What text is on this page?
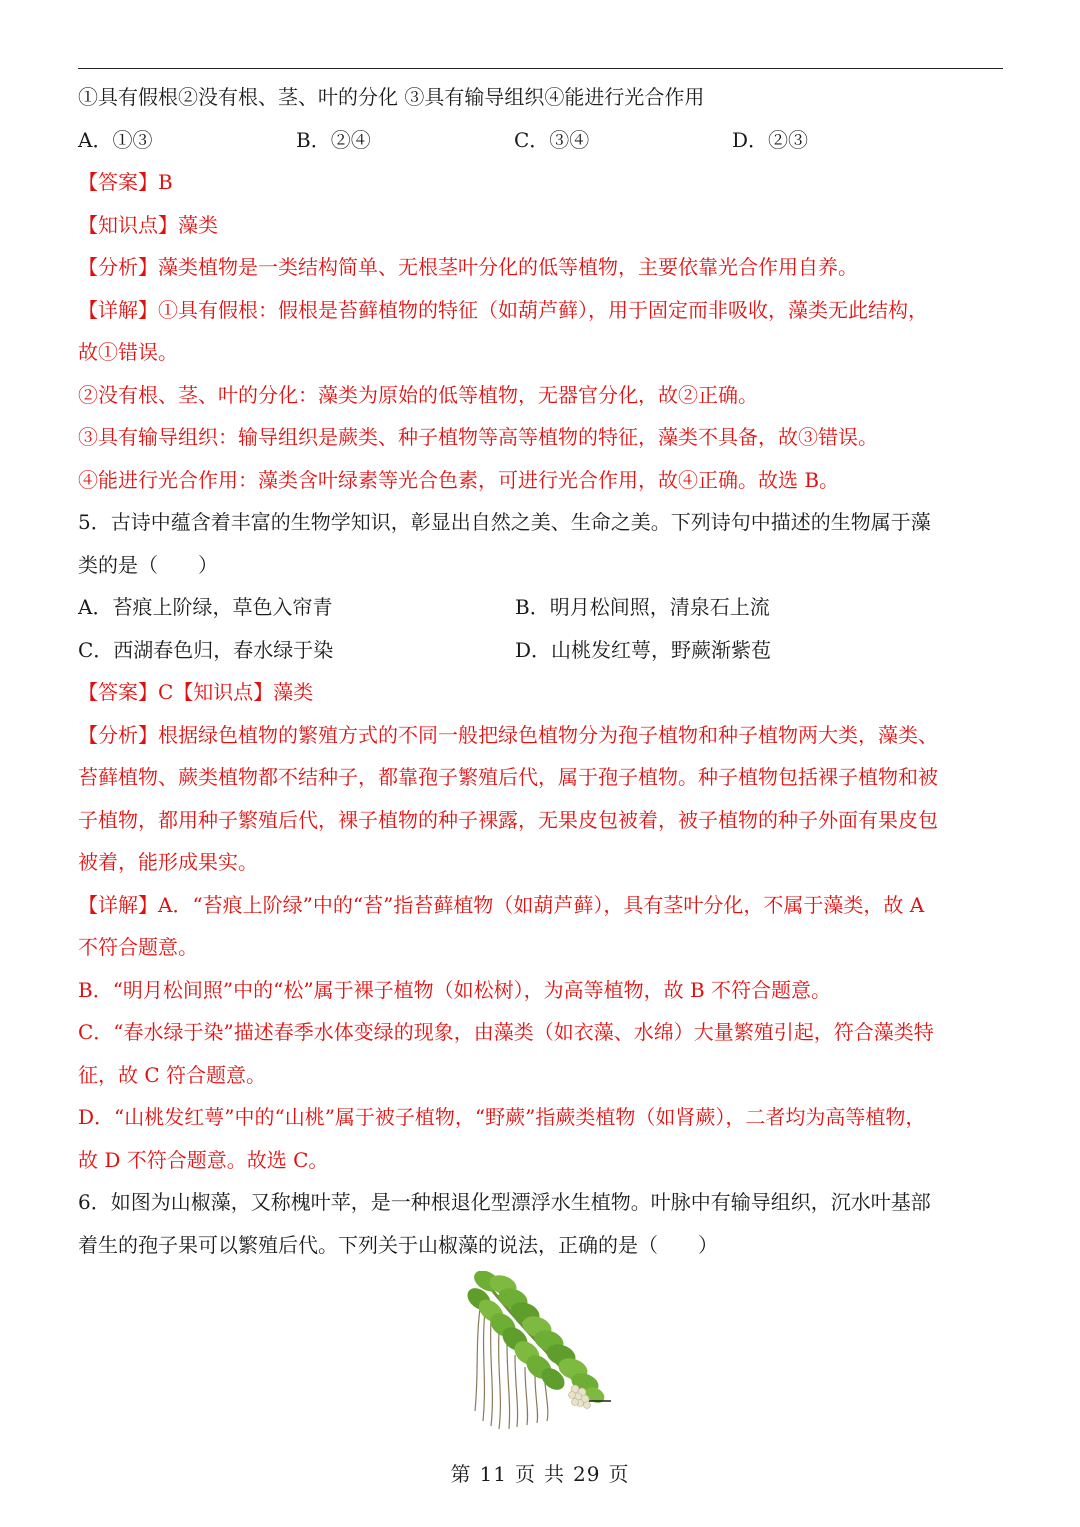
①具有假根②没有根、茎、叶的分化 ③具有输导组织④能进行光合作用
A．①③	B．②④	C．③④	D．②③
【答案】B
【知识点】藻类
【分析】藻类植物是一类结构简单、无根茎叶分化的低等植物，主要依靠光合作用自养。
【详解】①具有假根：假根是苔藓植物的特征（如葫芦藓），用于固定而非吸收，藻类无此结构，
故①错误。
②没有根、茎、叶的分化：藻类为原始的低等植物，无器官分化，故②正确。
③具有输导组织：输导组织是蕨类、种子植物等高等植物的特征，藻类不具备，故③错误。
④能进行光合作用：藻类含叶绿素等光合色素，可进行光合作用，故④正确。故选 B。
5．古诗中蕴含着丰富的生物学知识，彰显出自然之美、生命之美。下列诗句中描述的生物属于藻
类的是（　　）
A．苔痕上阶绿，草色入帘青	B．明月松间照，清泉石上流
C．西湖春色归，春水绿于染	D．山桃发红萼，野蕨渐紫苞
【答案】C【知识点】藻类
【分析】根据绿色植物的繁殖方式的不同一般把绿色植物分为孢子植物和种子植物两大类，藻类、
苔藓植物、蕨类植物都不结种子，都靠孢子繁殖后代，属于孢子植物。种子植物包括裸子植物和被
子植物，都用种子繁殖后代，裸子植物的种子裸露，无果皮包被着，被子植物的种子外面有果皮包
被着，能形成果实。
【详解】A．“苔痕上阶绿”中的“苔”指苔藓植物（如葫芦藓），具有茎叶分化，不属于藻类，故 A
不符合题意。
B．“明月松间照”中的“松”属于裸子植物（如松树），为高等植物，故 B 不符合题意。
C．“春水绿于染”描述春季水体变绿的现象，由藻类（如衣藻、水绵）大量繁殖引起，符合藻类特
征，故 C 符合题意。
D．“山桃发红萼”中的“山桃”属于被子植物，“野蕨”指蕨类植物（如肾蕨），二者均为高等植物，
故 D 不符合题意。故选 C。
6．如图为山椒藻，又称槐叶苹，是一种根退化型漂浮水生植物。叶脉中有输导组织，沉水叶基部
着生的孢子果可以繁殖后代。下列关于山椒藻的说法，正确的是（　　）
第 11 页 共 29 页
